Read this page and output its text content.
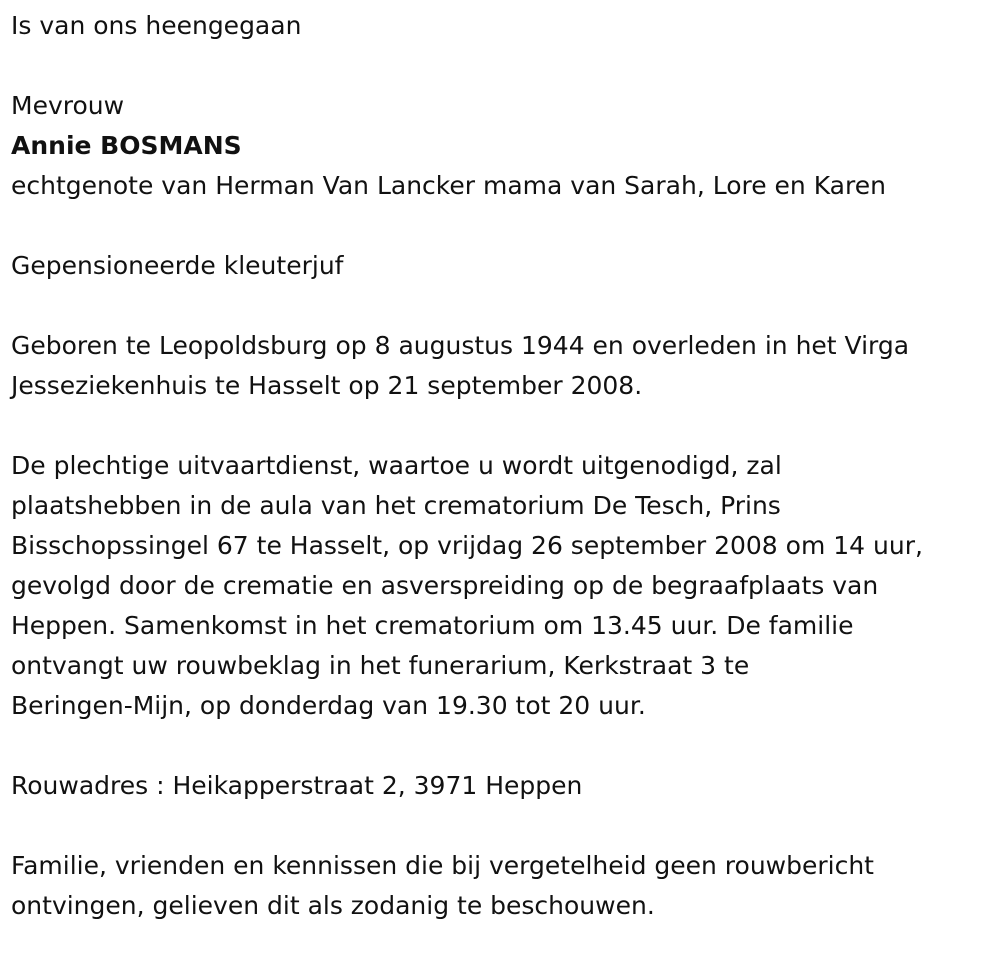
Is van ons heengegaan

Mevrouw

Annie BOSMANS

echtgenote van Herman Van Lancker mama van Sarah, Lore en Karen

Gepensioneerde kleuterjuf

Geboren te Leopoldsburg op 8 augustus 1944 en overleden in het Virga

Jesseziekenhuis te Hasselt op 21 september 2008.

De plechtige uitvaartdienst, waartoe u wordt uitgenodigd, zal

plaatshebben in de aula van het crematorium De Tesch, Prins

Bisschopssingel 67 te Hasselt, op vrijdag 26 september 2008 om 14 uur,

gevolgd door de crematie en asverspreiding op de begraafplaats van

Heppen. Samenkomst in het crematorium om 13.45 uur. De familie

ontvangt uw rouwbeklag in het funerarium, Kerkstraat 3 te

Beringen-Mijn, op donderdag van 19.30 tot 20 uur.

Rouwadres : Heikapperstraat 2, 3971 Heppen

Familie, vrienden en kennissen die bij vergetelheid geen rouwbericht

ontvingen, gelieven dit als zodanig te beschouwen.
